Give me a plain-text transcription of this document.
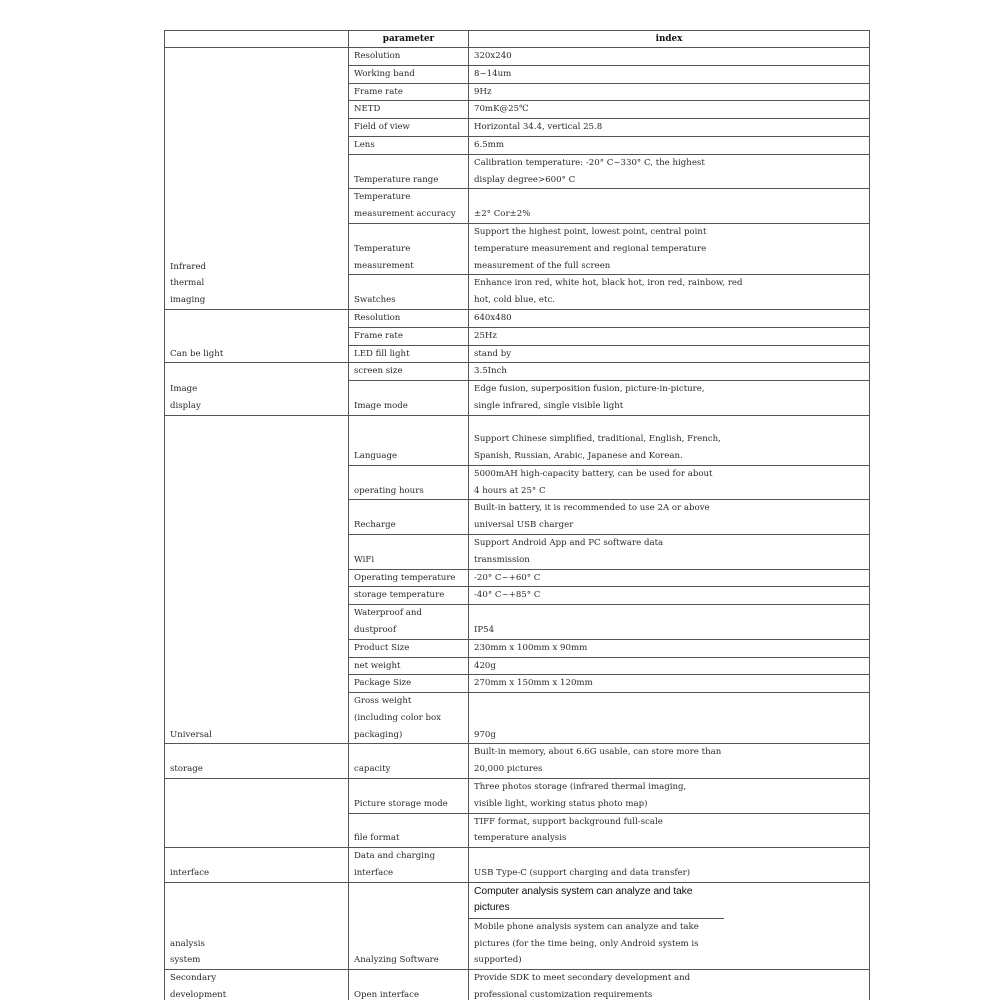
	parameter	index

Infrared thermal imaging	Resolution	320x240
	Working band	8~14um
	Frame rate	9Hz
	NETD	70mK@25℃
	Field of view	Horizontal 34.4, vertical 25.8
	Lens	6.5mm
	Temperature range	Calibration temperature: -20° C~330° C, the highest display degree>600° C

	Temperature measurement accuracy	±2° Cor±2%

	Temperature measurement	Support the highest point, lowest point, central point temperature measurement and regional temperature measurement of the full screen

	Swatches	Enhance iron red, white hot, black hot, iron red, rainbow, red hot, cold blue, etc.

Can be light	Resolution	640x480
	Frame rate	25Hz
	LED fill light	stand by

Image display	screen size	3.5Inch
	Image mode	Edge fusion, superposition fusion, picture-in-picture, single infrared, single visible light

Universal	Language	Support Chinese simplified, traditional, English, French, Spanish, Russian, Arabic, Japanese and Korean.

	operating hours	5000mAH high-capacity battery, can be used for about 4 hours at 25° C

	Recharge	Built-in battery, it is recommended to use 2A or above universal USB charger

	WiFi	Support Android App and PC software data transmission

	Operating temperature	-20° C~+60° C
	storage temperature	-40° C~+85° C

	Waterproof and dustproof	IP54
	Product Size	230mm x 100mm x 90mm
	net weight	420g
	Package Size	270mm x 150mm x 120mm

	Gross weight (including color box packaging)	970g

storage	capacity	Built-in memory, about 6.6G usable, can store more than 20,000 pictures

	Picture storage mode	Three photos storage (infrared thermal imaging, visible light, working status photo map)

	file format	TIFF format, support background full-scale temperature analysis

interface	Data and charging interface	USB Type-C (support charging and data transfer)

analysis system	Analyzing Software	Computer analysis system can analyze and take pictures
Mobile phone analysis system can analyze and take pictures (for the time being, only Android system is supported)

Secondary development	Open interface	Provide SDK to meet secondary development and professional customization requirements
